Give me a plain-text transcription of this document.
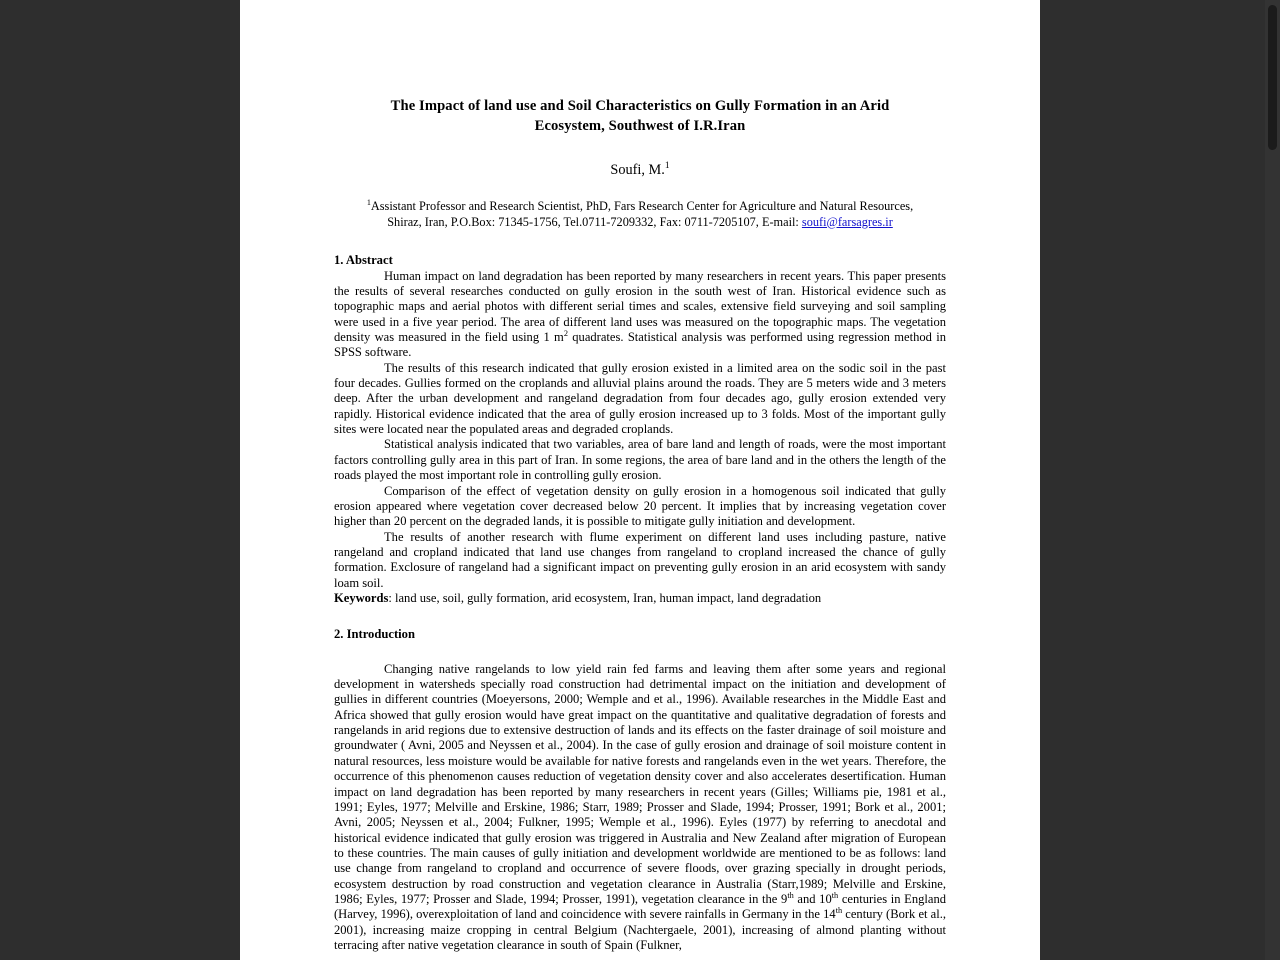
The Impact of land use and Soil Characteristics on Gully Formation in an Arid
Ecosystem, Southwest of I.R.Iran

Soufi, M.$^1$

$^1$Assistant Professor and Research Scientist, PhD, Fars Research Center for Agriculture and Natural Resources,
Shiraz, Iran, P.O.Box: 71345-1756, Tel.0711-7209332, Fax: 0711-7205107, E-mail: soufi@farsagres.ir

1. Abstract

Human impact on land degradation has been reported by many researchers in recent years. This paper presents the results of several researches conducted on gully erosion in the south west of Iran. Historical evidence such as topographic maps and aerial photos with different serial times and scales, extensive field surveying and soil sampling were used in a five year period. The area of different land uses was measured on the topographic maps. The vegetation density was measured in the field using 1 $m^2$ quadrates. Statistical analysis was performed using regression method in SPSS software.

The results of this research indicated that gully erosion existed in a limited area on the sodic soil in the past four decades. Gullies formed on the croplands and alluvial plains around the roads. They are 5 meters wide and 3 meters deep. After the urban development and rangeland degradation from four decades ago, gully erosion extended very rapidly. Historical evidence indicated that the area of gully erosion increased up to 3 folds. Most of the important gully sites were located near the populated areas and degraded croplands.

Statistical analysis indicated that two variables, area of bare land and length of roads, were the most important factors controlling gully area in this part of Iran. In some regions, the area of bare land and in the others the length of the roads played the most important role in controlling gully erosion.

Comparison of the effect of vegetation density on gully erosion in a homogenous soil indicated that gully erosion appeared where vegetation cover decreased below 20 percent. It implies that by increasing vegetation cover higher than 20 percent on the degraded lands, it is possible to mitigate gully initiation and development.

The results of another research with flume experiment on different land uses including pasture, native rangeland and cropland indicated that land use changes from rangeland to cropland increased the chance of gully formation. Exclosure of rangeland had a significant impact on preventing gully erosion in an arid ecosystem with sandy loam soil.

Keywords: land use, soil, gully formation, arid ecosystem, Iran, human impact, land degradation

2. Introduction

Changing native rangelands to low yield rain fed farms and leaving them after some years and regional development in watersheds specially road construction had detrimental impact on the initiation and development of gullies in different countries (Moeyersons, 2000; Wemple and et al., 1996). Available researches in the Middle East and Africa showed that gully erosion would have great impact on the quantitative and qualitative degradation of forests and rangelands in arid regions due to extensive destruction of lands and its effects on the faster drainage of soil moisture and groundwater ( Avni, 2005 and Neyssen et al., 2004). In the case of gully erosion and drainage of soil moisture content in natural resources, less moisture would be available for native forests and rangelands even in the wet years. Therefore, the occurrence of this phenomenon causes reduction of vegetation density cover and also accelerates desertification. Human impact on land degradation has been reported by many researchers in recent years (Gilles; Williams pie, 1981 et al., 1991; Eyles, 1977; Melville and Erskine, 1986; Starr, 1989; Prosser and Slade, 1994; Prosser, 1991; Bork et al., 2001; Avni, 2005; Neyssen et al., 2004; Fulkner, 1995; Wemple et al., 1996). Eyles (1977) by referring to anecdotal and historical evidence indicated that gully erosion was triggered in Australia and New Zealand after migration of European to these countries. The main causes of gully initiation and development worldwide are mentioned to be as follows: land use change from rangeland to cropland and occurrence of severe floods, over grazing specially in drought periods, ecosystem destruction by road construction and vegetation clearance in Australia (Starr,1989; Melville and Erskine, 1986; Eyles, 1977; Prosser and Slade, 1994; Prosser, 1991), vegetation clearance in the 9th and 10th centuries in England (Harvey, 1996), overexploitation of land and coincidence with severe rainfalls in Germany in the 14th century (Bork et al., 2001), increasing maize cropping in central Belgium (Nachtergaele, 2001), increasing of almond planting without terracing after native vegetation clearance in south of Spain (Fulkner,
